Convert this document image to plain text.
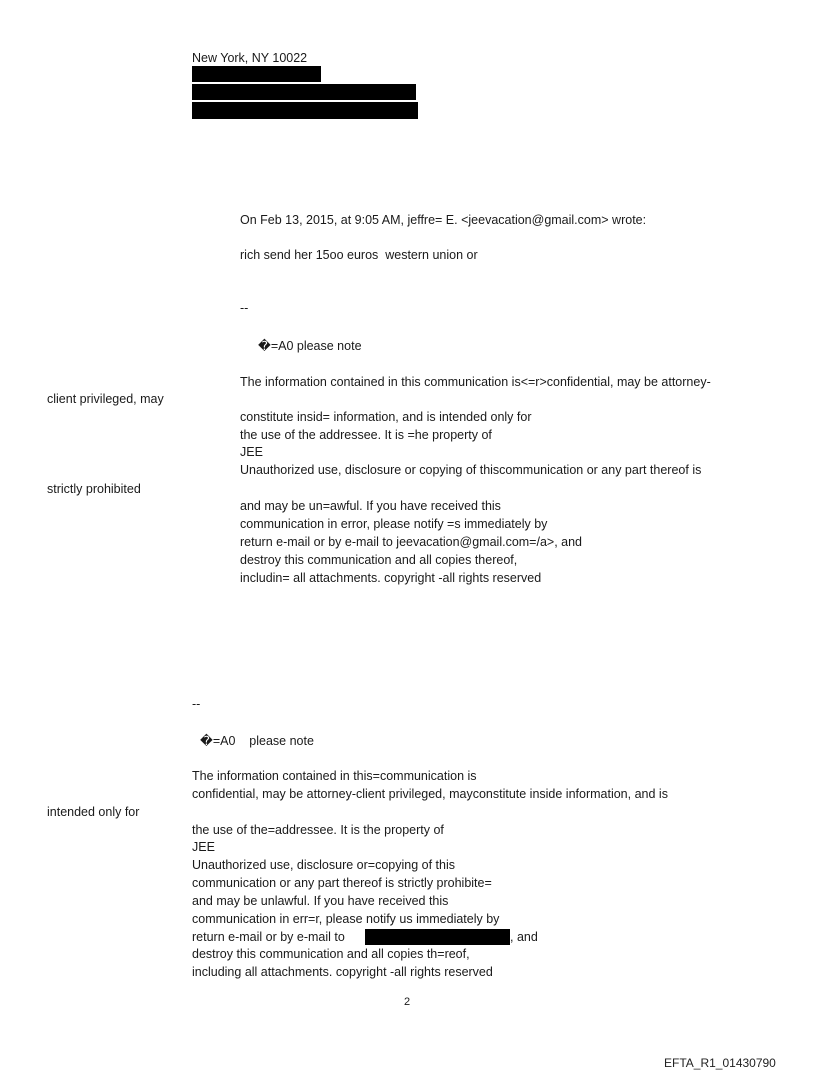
New York, NY 10022
On Feb 13, 2015, at 9:05 AM, jeffre= E. <jeevacation@gmail.com> wrote:
rich send her 15oo euros  western union or
--
�=A0 please note
The information contained in this communication is<=r>confidential, may be attorney-
client privileged, may
constitute insid= information, and is intended only for
the use of the addressee. It is =he property of
JEE
Unauthorized use, disclosure or copying of thiscommunication or any part thereof is
strictly prohibited
and may be un=awful. If you have received this
communication in error, please notify =s immediately by
return e-mail or by e-mail to jeevacation@gmail.com=/a>, and
destroy this communication and all copies thereof,
includin= all attachments. copyright -all rights reserved
--
�=A0    please note
The information contained in this=communication is
confidential, may be attorney-client privileged, mayconstitute inside information, and is
intended only for
the use of the=addressee. It is the property of
JEE
Unauthorized use, disclosure or=copying of this
communication or any part thereof is strictly prohibite=
and may be unlawful. If you have received this
communication in err=r, please notify us immediately by
return e-mail or by e-mail to	, and
destroy this communication and all copies th=reof,
including all attachments. copyright -all rights reserved
2
EFTA_R1_01430790
